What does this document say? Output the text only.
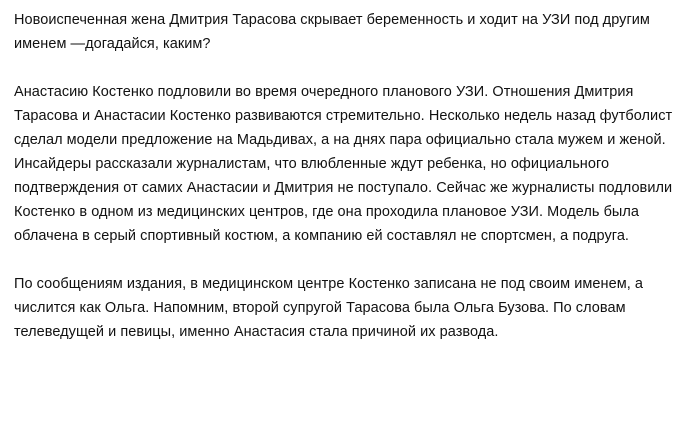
Новоиспеченная жена Дмитрия Тарасова скрывает беременность и ходит на УЗИ под другим именем —догадайся, каким?

Анастасию Костенко подловили во время очередного планового УЗИ. Отношения Дмитрия Тарасова и Анастасии Костенко развиваются стремительно. Несколько недель назад футболист сделал модели предложение на Мадьдивах, а на днях пара официально стала мужем и женой. Инсайдеры рассказали журналистам, что влюбленные ждут ребенка, но официального подтверждения от самих Анастасии и Дмитрия не поступало. Сейчас же журналисты подловили Костенко в одном из медицинских центров, где она проходила плановое УЗИ. Модель была облачена в серый спортивный костюм, а компанию ей составлял не спортсмен, а подруга.

По сообщениям издания, в медицинском центре Костенко записана не под своим именем, а числится как Ольга. Напомним, второй супругой Тарасова была Ольга Бузова. По словам телеведущей и певицы, именно Анастасия стала причиной их развода.
